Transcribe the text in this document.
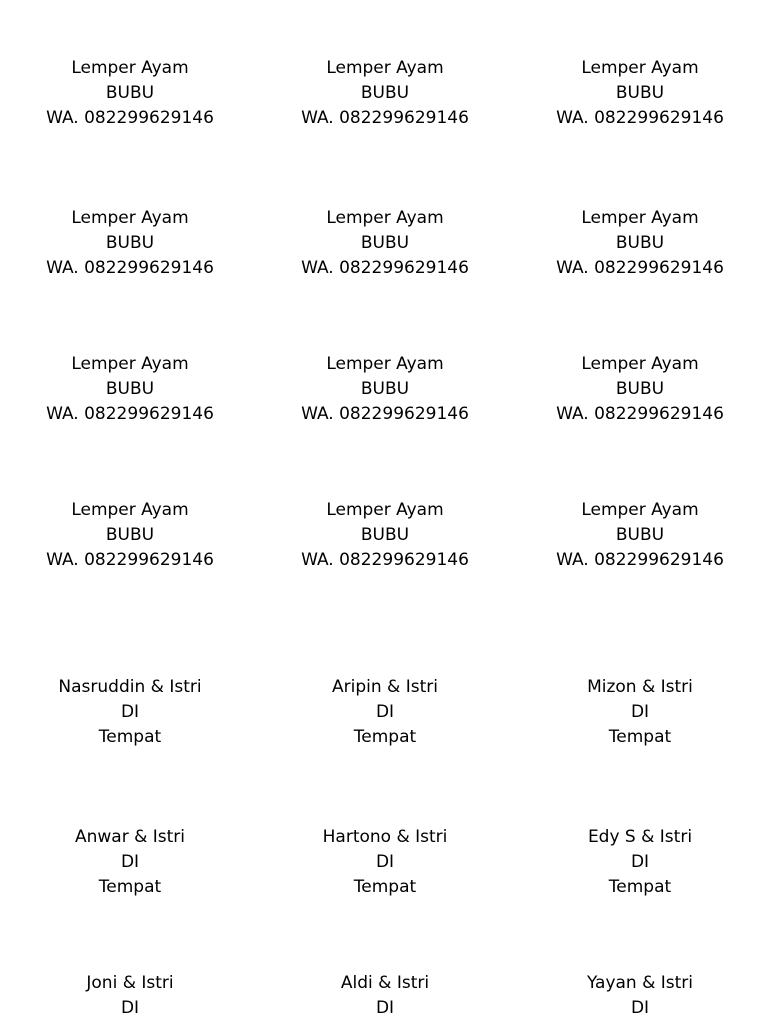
Lemper Ayam
BUBU
WA. 082299629146
Lemper Ayam
BUBU
WA. 082299629146
Lemper Ayam
BUBU
WA. 082299629146
Lemper Ayam
BUBU
WA. 082299629146
Lemper Ayam
BUBU
WA. 082299629146
Lemper Ayam
BUBU
WA. 082299629146
Lemper Ayam
BUBU
WA. 082299629146
Lemper Ayam
BUBU
WA. 082299629146
Lemper Ayam
BUBU
WA. 082299629146
Lemper Ayam
BUBU
WA. 082299629146
Lemper Ayam
BUBU
WA. 082299629146
Lemper Ayam
BUBU
WA. 082299629146
Nasruddin & Istri
DI
Tempat
Aripin & Istri
DI
Tempat
Mizon & Istri
DI
Tempat
Anwar & Istri
DI
Tempat
Hartono & Istri
DI
Tempat
Edy S & Istri
DI
Tempat
Joni & Istri
DI
Aldi & Istri
DI
Yayan & Istri
DI
